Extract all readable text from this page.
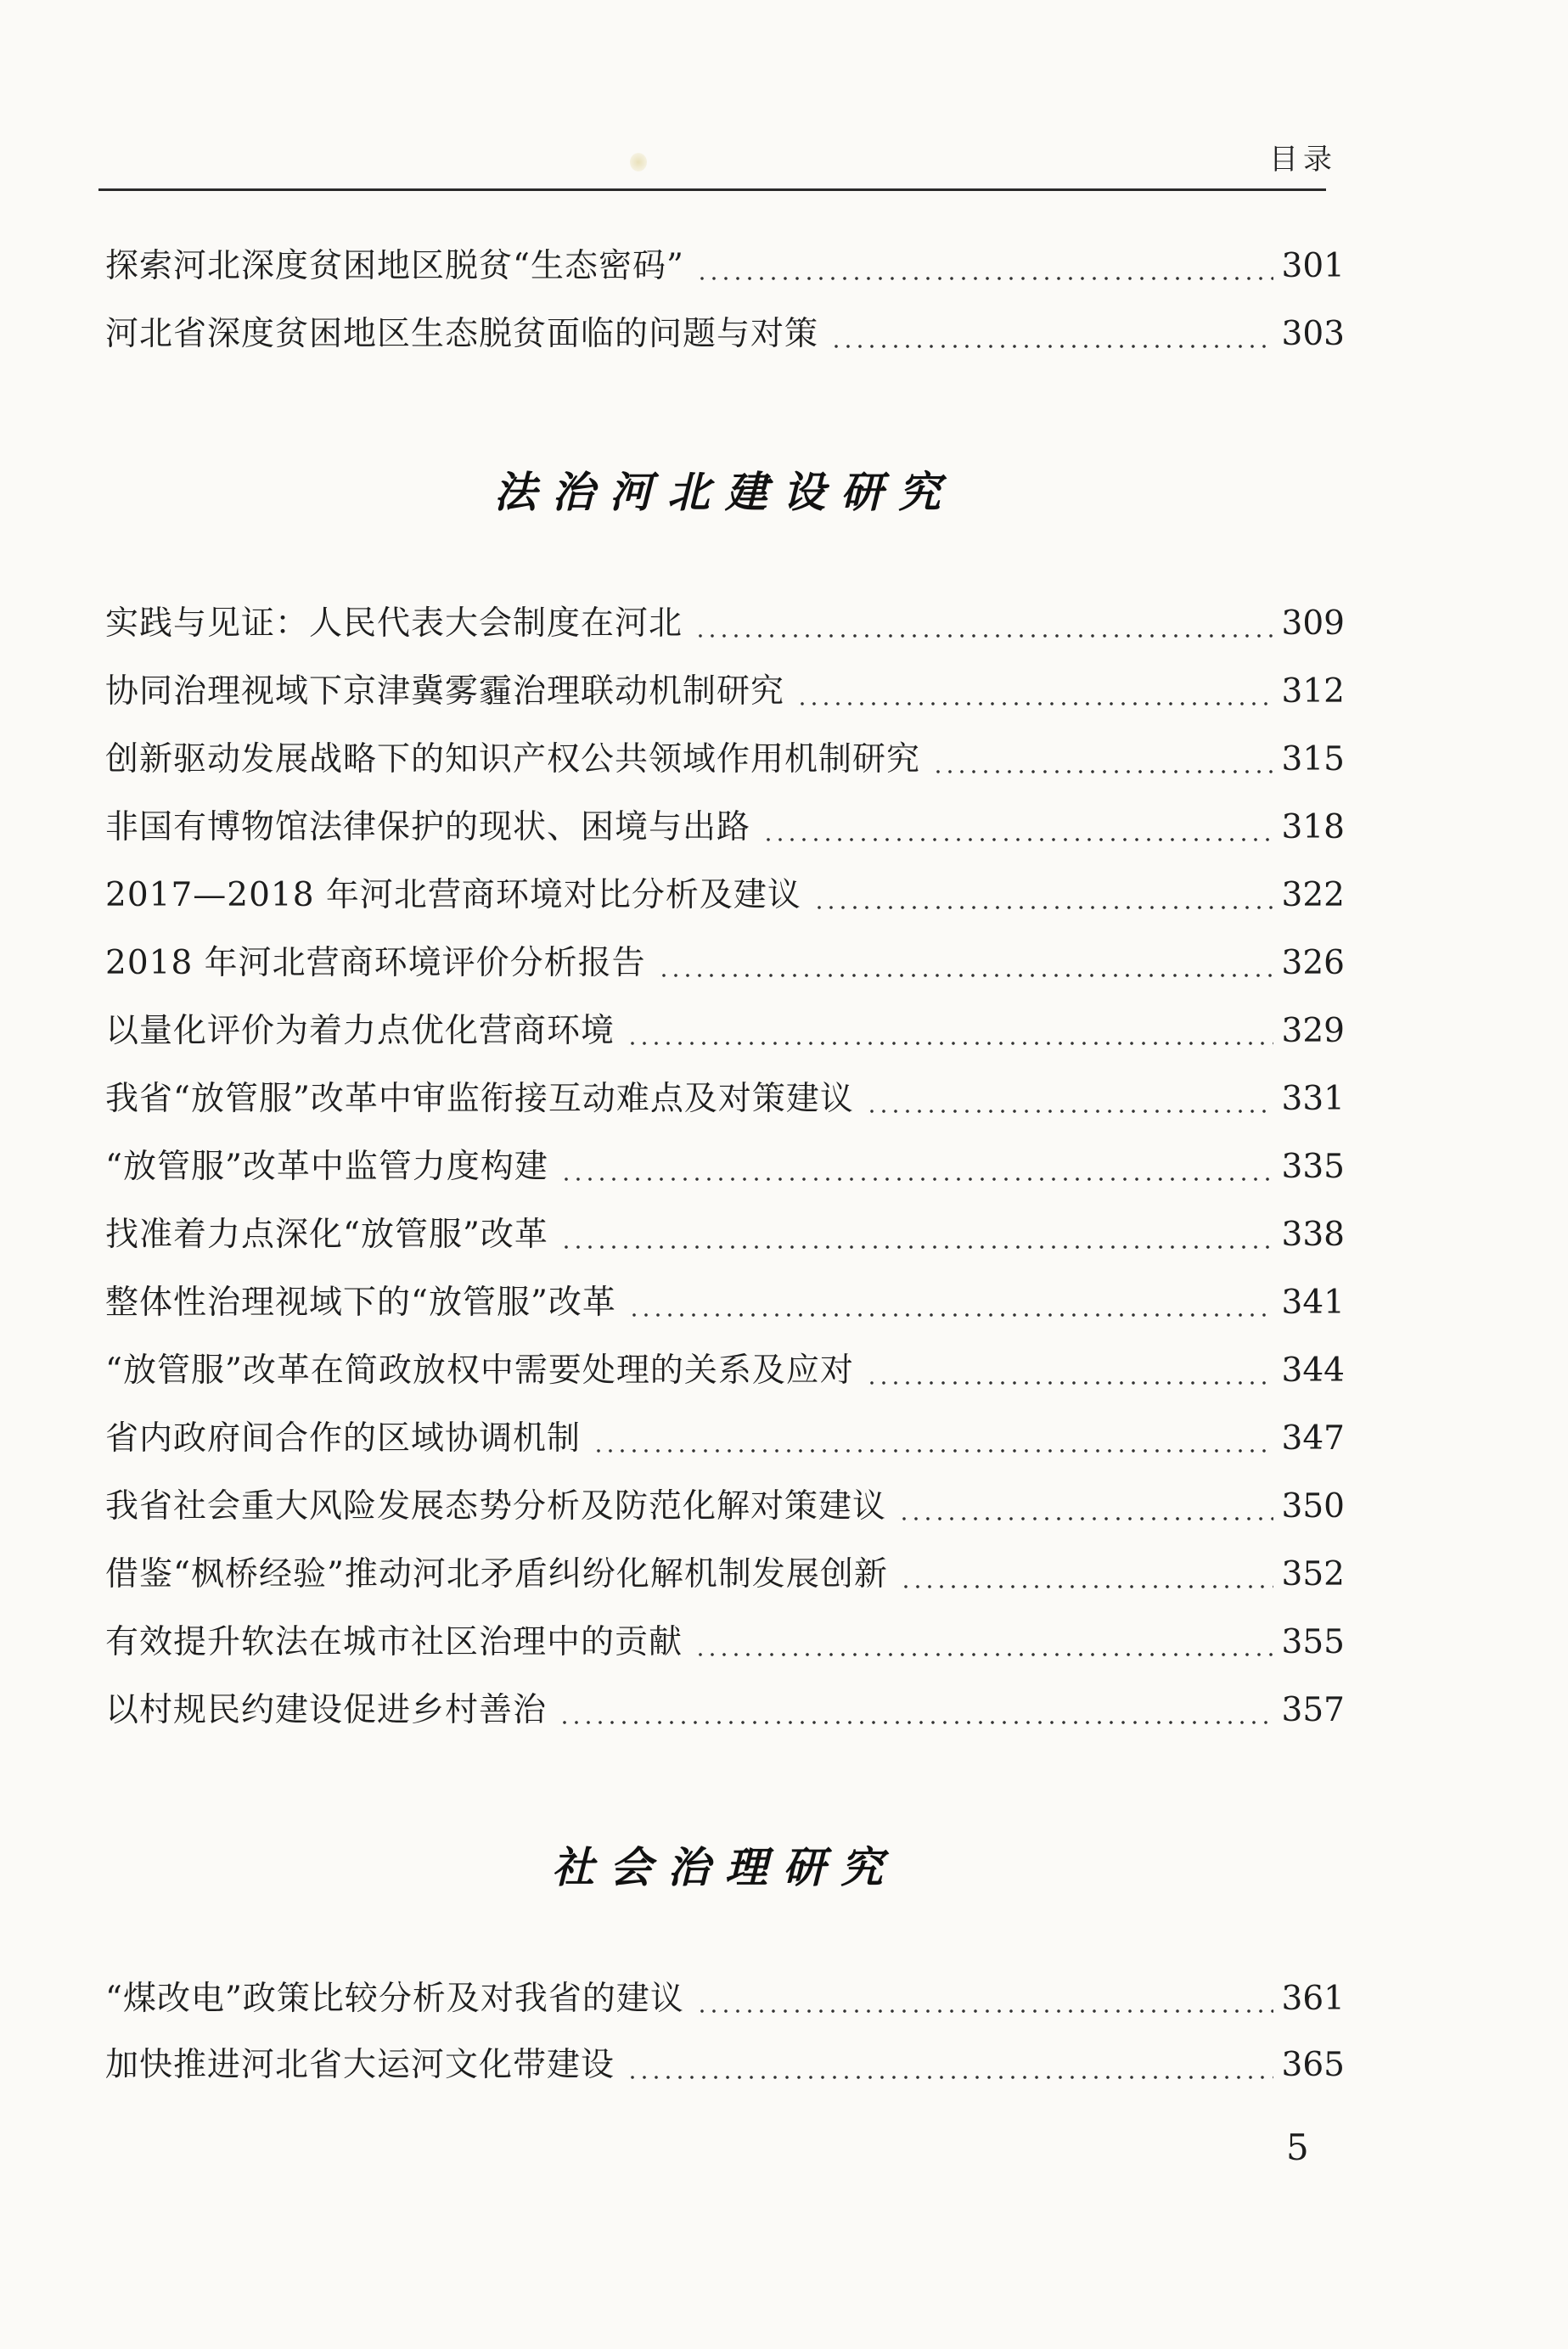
目录
探索河北深度贫困地区脱贫“生态密码”	301
河北省深度贫困地区生态脱贫面临的问题与对策	303
法治河北建设研究
实践与见证：人民代表大会制度在河北	309
协同治理视域下京津冀雾霾治理联动机制研究	312
创新驱动发展战略下的知识产权公共领域作用机制研究	315
非国有博物馆法律保护的现状、困境与出路	318
2017—2018 年河北营商环境对比分析及建议	322
2018 年河北营商环境评价分析报告	326
以量化评价为着力点优化营商环境	329
我省“放管服”改革中审监衔接互动难点及对策建议	331
“放管服”改革中监管力度构建	335
找准着力点深化“放管服”改革	338
整体性治理视域下的“放管服”改革	341
“放管服”改革在简政放权中需要处理的关系及应对	344
省内政府间合作的区域协调机制	347
我省社会重大风险发展态势分析及防范化解对策建议	350
借鉴“枫桥经验”推动河北矛盾纠纷化解机制发展创新	352
有效提升软法在城市社区治理中的贡献	355
以村规民约建设促进乡村善治	357
社会治理研究
“煤改电”政策比较分析及对我省的建议	361
加快推进河北省大运河文化带建设	365
5
